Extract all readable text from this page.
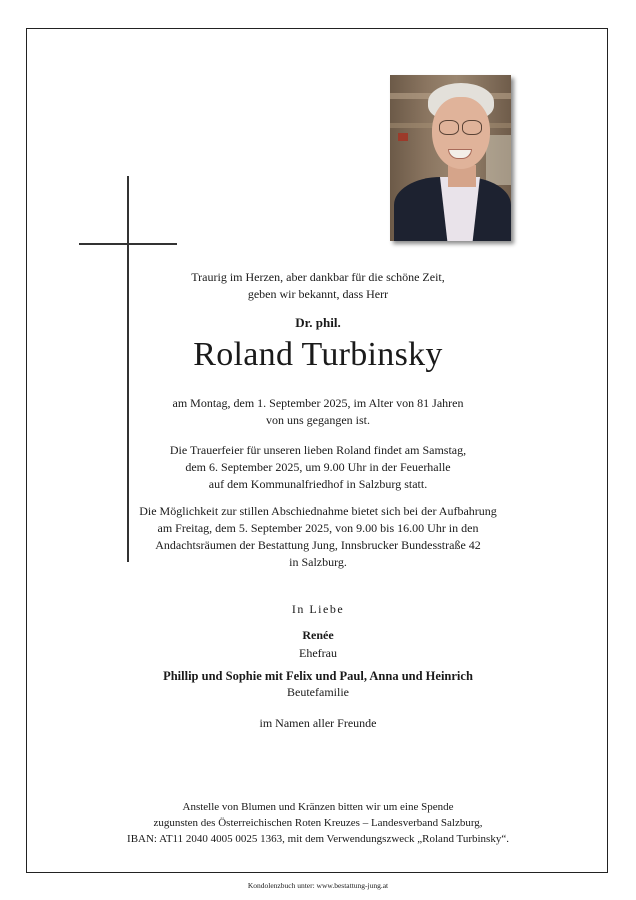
Traurig im Herzen, aber dankbar für die schöne Zeit,
geben wir bekannt, dass Herr
Dr. phil.
Roland Turbinsky
am Montag, dem 1. September 2025, im Alter von 81 Jahren
von uns gegangen ist.
Die Trauerfeier für unseren lieben Roland findet am Samstag,
dem 6. September 2025, um 9.00 Uhr in der Feuerhalle
auf dem Kommunalfriedhof in Salzburg statt.
Die Möglichkeit zur stillen Abschiednahme bietet sich bei der Aufbahrung
am Freitag, dem 5. September 2025, von 9.00 bis 16.00 Uhr in den
Andachtsräumen der Bestattung Jung, Innsbrucker Bundesstraße 42
in Salzburg.
In Liebe
Renée
Ehefrau
Phillip und Sophie mit Felix und Paul, Anna und Heinrich
Beutefamilie
im Namen aller Freunde
Anstelle von Blumen und Kränzen bitten wir um eine Spende
zugunsten des Österreichischen Roten Kreuzes – Landesverband Salzburg,
IBAN: AT11 2040 4005 0025 1363, mit dem Verwendungszweck „Roland Turbinsky“.
Kondolenzbuch unter: www.bestattung-jung.at
